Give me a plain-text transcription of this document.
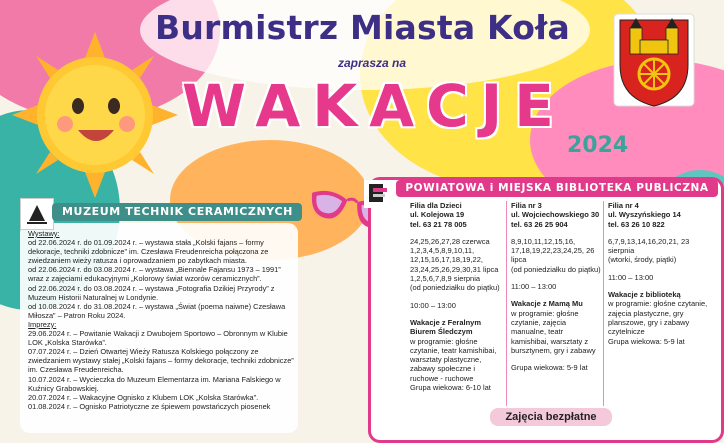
Burmistrz Miasta Koła
zaprasza na
WAKACJE
2024
MUZEUM TECHNIK CERAMICZNYCH
Wystawy:
od 22.06.2024 r. do 01.09.2024 r. – wystawa stała „Kolski fajans – formy dekoracje, techniki zdobnicze” im. Czesława Freudenreicha połączona ze zwiedzaniem wieży ratusza i oprowadzaniem po zabytkach miasta.
od 22.06.2024 r. do 03.08.2024 r. – wystawa „Biennale Fajansu 1973 – 1991” wraz z zajęciami edukacyjnymi „Kolorowy świat wzorów ceramicznych”.
od 22.06.2024 r. do 03.08.2024 r. – wystawa „Fotografia Dzikiej Przyrody” z Muzeum Historii Naturalnej w Londynie.
od 10.08.2024 r. do 31.08.2024 r. – wystawa „Świat (poema naiwne) Czesława Miłosza” – Patron Roku 2024.
Imprezy:
29.06.2024 r. – Powitanie Wakacji z Dwubojem Sportowo – Obronnym w Klubie LOK „Kolska Starówka”.
07.07.2024 r. – Dzień Otwartej Wieży Ratusza Kolskiego połączony ze zwiedzaniem wystawy stałej „Kolski fajans – formy dekoracje, techniki zdobnicze” im. Czesława Freudenreicha.
10.07.2024 r. – Wycieczka do Muzeum Elementarza im. Mariana Falskiego w Kuźnicy Grabowskiej.
20.07.2024 r. – Wakacyjne Ognisko z Klubem LOK „Kolska Starówka”.
01.08.2024 r. – Ognisko Patriotyczne ze śpiewem powstańczych piosenek
POWIATOWA i MIEJSKA BIBLIOTEKA PUBLICZNA
Filia dla Dzieci
ul. Kolejowa 19
tel. 63 21 78 005
24,25,26,27,28 czerwca 1,2,3,4,5,8,9,10,11, 12,15,16,17,18,19,22, 23,24,25,26,29,30,31 lipca 1,2,5,6,7,8,9 sierpnia
(od poniedziałku do piątku)
10:00 – 13:00
Wakacje z Feralnym Biurem Śledczym
w programie: głośne czytanie, teatr kamishibai, warsztaty plastyczne, zabawy społeczne i ruchowe - ruchowe
Grupa wiekowa: 6-10 lat
Filia nr 3
ul. Wojciechowskiego 30
tel. 63 26 25 904
8,9,10,11,12,15,16, 17,18,19,22,23,24,25, 26 lipca
(od poniedziałku do piątku)
11:00 – 13:00
Wakacje z Mamą Mu
w programie: głośne czytanie, zajęcia manualne, teatr kamishibai, warsztaty z bursztynem, gry i zabawy
Grupa wiekowa: 5-9 lat
Filia nr 4
ul. Wyszyńskiego 14
tel. 63 26 10 822
6,7,9,13,14,16,20,21, 23 sierpnia
(wtorki, środy, piątki)
11:00 – 13:00
Wakacje z biblioteką
w programie: głośne czytanie, zajęcia plastyczne, gry planszowe, gry i zabawy czytelnicze
Grupa wiekowa: 5-9 lat
Zajęcia bezpłatne
